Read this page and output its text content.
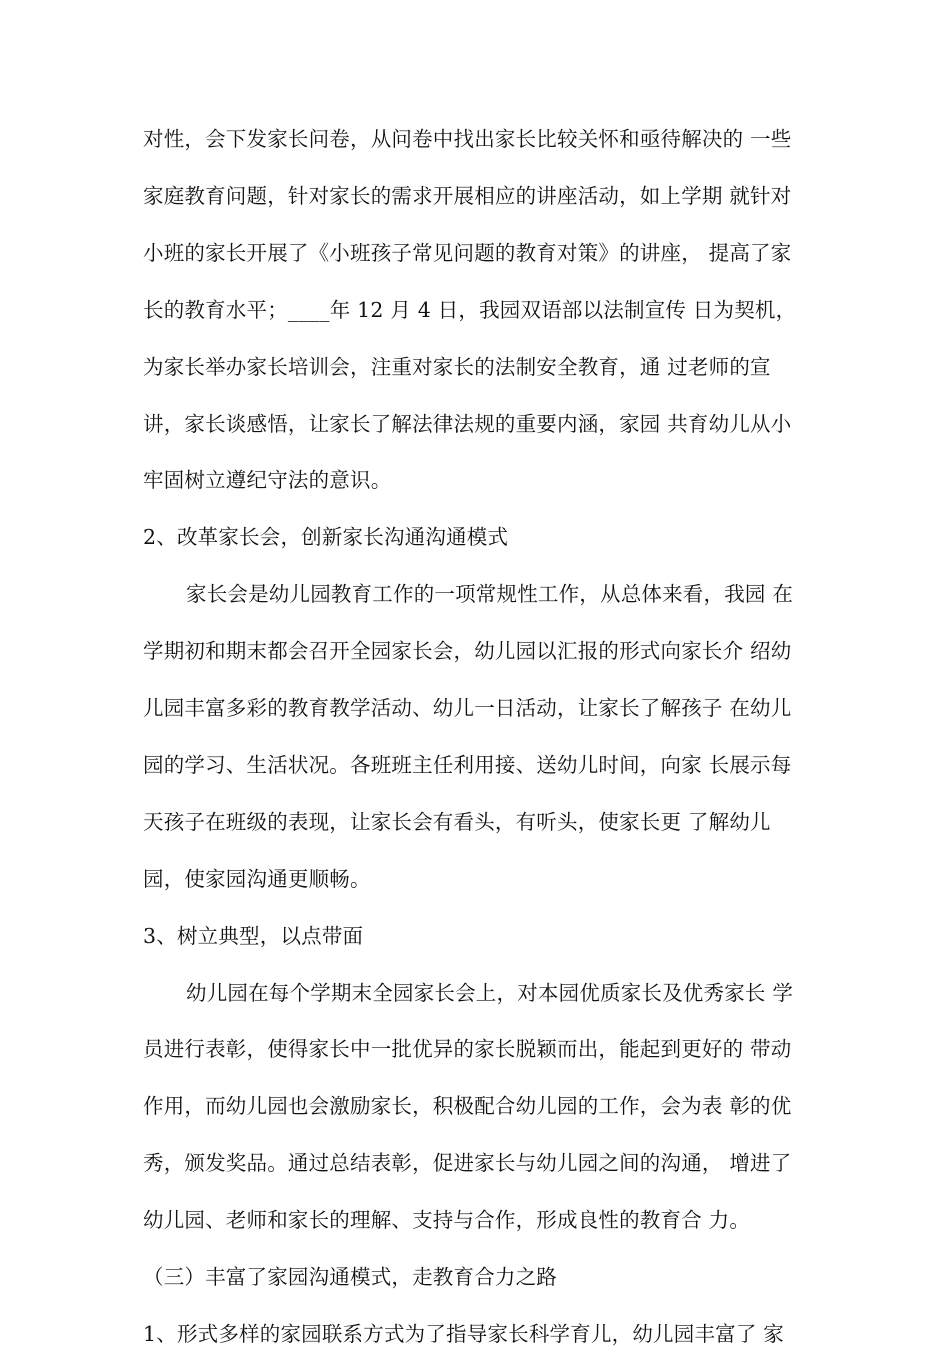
对性，会下发家长问卷，从问卷中找出家长比较关怀和亟待解决的 一些
家庭教育问题，针对家长的需求开展相应的讲座活动，如上学期 就针对
小班的家长开展了《小班孩子常见问题的教育对策》的讲座， 提高了家
长的教育水平；____年 12 月 4 日，我园双语部以法制宣传 日为契机，
为家长举办家长培训会，注重对家长的法制安全教育，通 过老师的宣
讲，家长谈感悟，让家长了解法律法规的重要内涵，家园 共育幼儿从小
牢固树立遵纪守法的意识。
2、改革家长会，创新家长沟通沟通模式
家长会是幼儿园教育工作的一项常规性工作，从总体来看，我园 在
学期初和期末都会召开全园家长会，幼儿园以汇报的形式向家长介 绍幼
儿园丰富多彩的教育教学活动、幼儿一日活动，让家长了解孩子 在幼儿
园的学习、生活状况。各班班主任利用接、送幼儿时间，向家 长展示每
天孩子在班级的表现，让家长会有看头，有听头，使家长更 了解幼儿
园，使家园沟通更顺畅。
3、树立典型，以点带面
幼儿园在每个学期末全园家长会上，对本园优质家长及优秀家长 学
员进行表彰，使得家长中一批优异的家长脱颖而出，能起到更好的 带动
作用，而幼儿园也会激励家长，积极配合幼儿园的工作，会为表 彰的优
秀，颁发奖品。通过总结表彰，促进家长与幼儿园之间的沟通， 增进了
幼儿园、老师和家长的理解、支持与合作，形成良性的教育合 力。
（三）丰富了家园沟通模式，走教育合力之路
1、形式多样的家园联系方式为了指导家长科学育儿，幼儿园丰富了 家
